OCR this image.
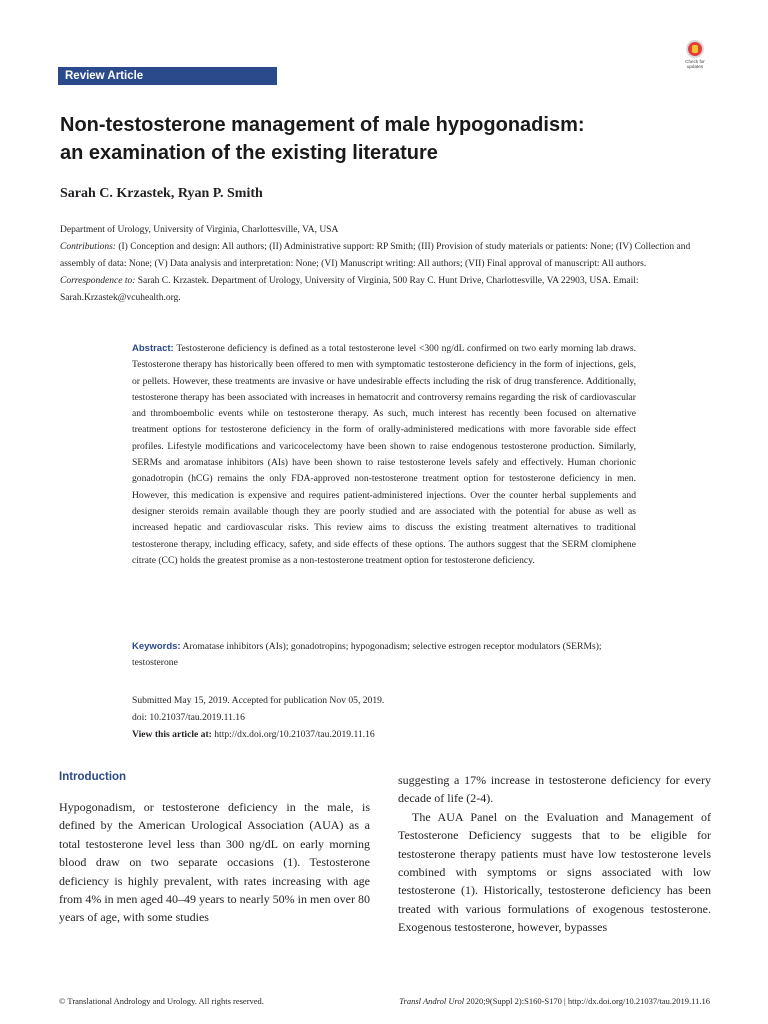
Review Article
Check for updates
Non-testosterone management of male hypogonadism:
an examination of the existing literature
Sarah C. Krzastek, Ryan P. Smith

Department of Urology, University of Virginia, Charlottesville, VA, USA

Contributions: (I) Conception and design: All authors; (II) Administrative support: RP Smith; (III) Provision of study materials or patients: None; (IV) Collection and assembly of data: None; (V) Data analysis and interpretation: None; (VI) Manuscript writing: All authors; (VII) Final approval of manuscript: All authors.

Correspondence to: Sarah C. Krzastek. Department of Urology, University of Virginia, 500 Ray C. Hunt Drive, Charlottesville, VA 22903, USA. Email: Sarah.Krzastek@vcuhealth.org.

Abstract: Testosterone deficiency is defined as a total testosterone level <300 ng/dL confirmed on two early morning lab draws. Testosterone therapy has historically been offered to men with symptomatic testosterone deficiency in the form of injections, gels, or pellets. However, these treatments are invasive or have undesirable effects including the risk of drug transference. Additionally, testosterone therapy has been associated with increases in hematocrit and controversy remains regarding the risk of cardiovascular and thromboembolic events while on testosterone therapy. As such, much interest has recently been focused on alternative treatment options for testosterone deficiency in the form of orally-administered medications with more favorable side effect profiles. Lifestyle modifications and varicocelectomy have been shown to raise endogenous testosterone production. Similarly, SERMs and aromatase inhibitors (AIs) have been shown to raise testosterone levels safely and effectively. Human chorionic gonadotropin (hCG) remains the only FDA-approved non-testosterone treatment option for testosterone deficiency in men. However, this medication is expensive and requires patient-administered injections. Over the counter herbal supplements and designer steroids remain available though they are poorly studied and are associated with the potential for abuse as well as increased hepatic and cardiovascular risks. This review aims to discuss the existing treatment alternatives to traditional testosterone therapy, including efficacy, safety, and side effects of these options. The authors suggest that the SERM clomiphene citrate (CC) holds the greatest promise as a non-testosterone treatment option for testosterone deficiency.
Keywords: Aromatase inhibitors (AIs); gonadotropins; hypogonadism; selective estrogen receptor modulators (SERMs); testosterone
Submitted May 15, 2019. Accepted for publication Nov 05, 2019.
doi: 10.21037/tau.2019.11.16
View this article at: http://dx.doi.org/10.21037/tau.2019.11.16
Introduction

Hypogonadism, or testosterone deficiency in the male, is defined by the American Urological Association (AUA) as a total testosterone level less than 300 ng/dL on early morning blood draw on two separate occasions (1). Testosterone deficiency is highly prevalent, with rates increasing with age from 4% in men aged 40–49 years to nearly 50% in men over 80 years of age, with some studies

suggesting a 17% increase in testosterone deficiency for every decade of life (2-4).

The AUA Panel on the Evaluation and Management of Testosterone Deficiency suggests that to be eligible for testosterone therapy patients must have low testosterone levels combined with symptoms or signs associated with low testosterone (1). Historically, testosterone deficiency has been treated with various formulations of exogenous testosterone. Exogenous testosterone, however, bypasses

© Translational Andrology and Urology. All rights reserved.	Transl Androl Urol 2020;9(Suppl 2):S160-S170 | http://dx.doi.org/10.21037/tau.2019.11.16
